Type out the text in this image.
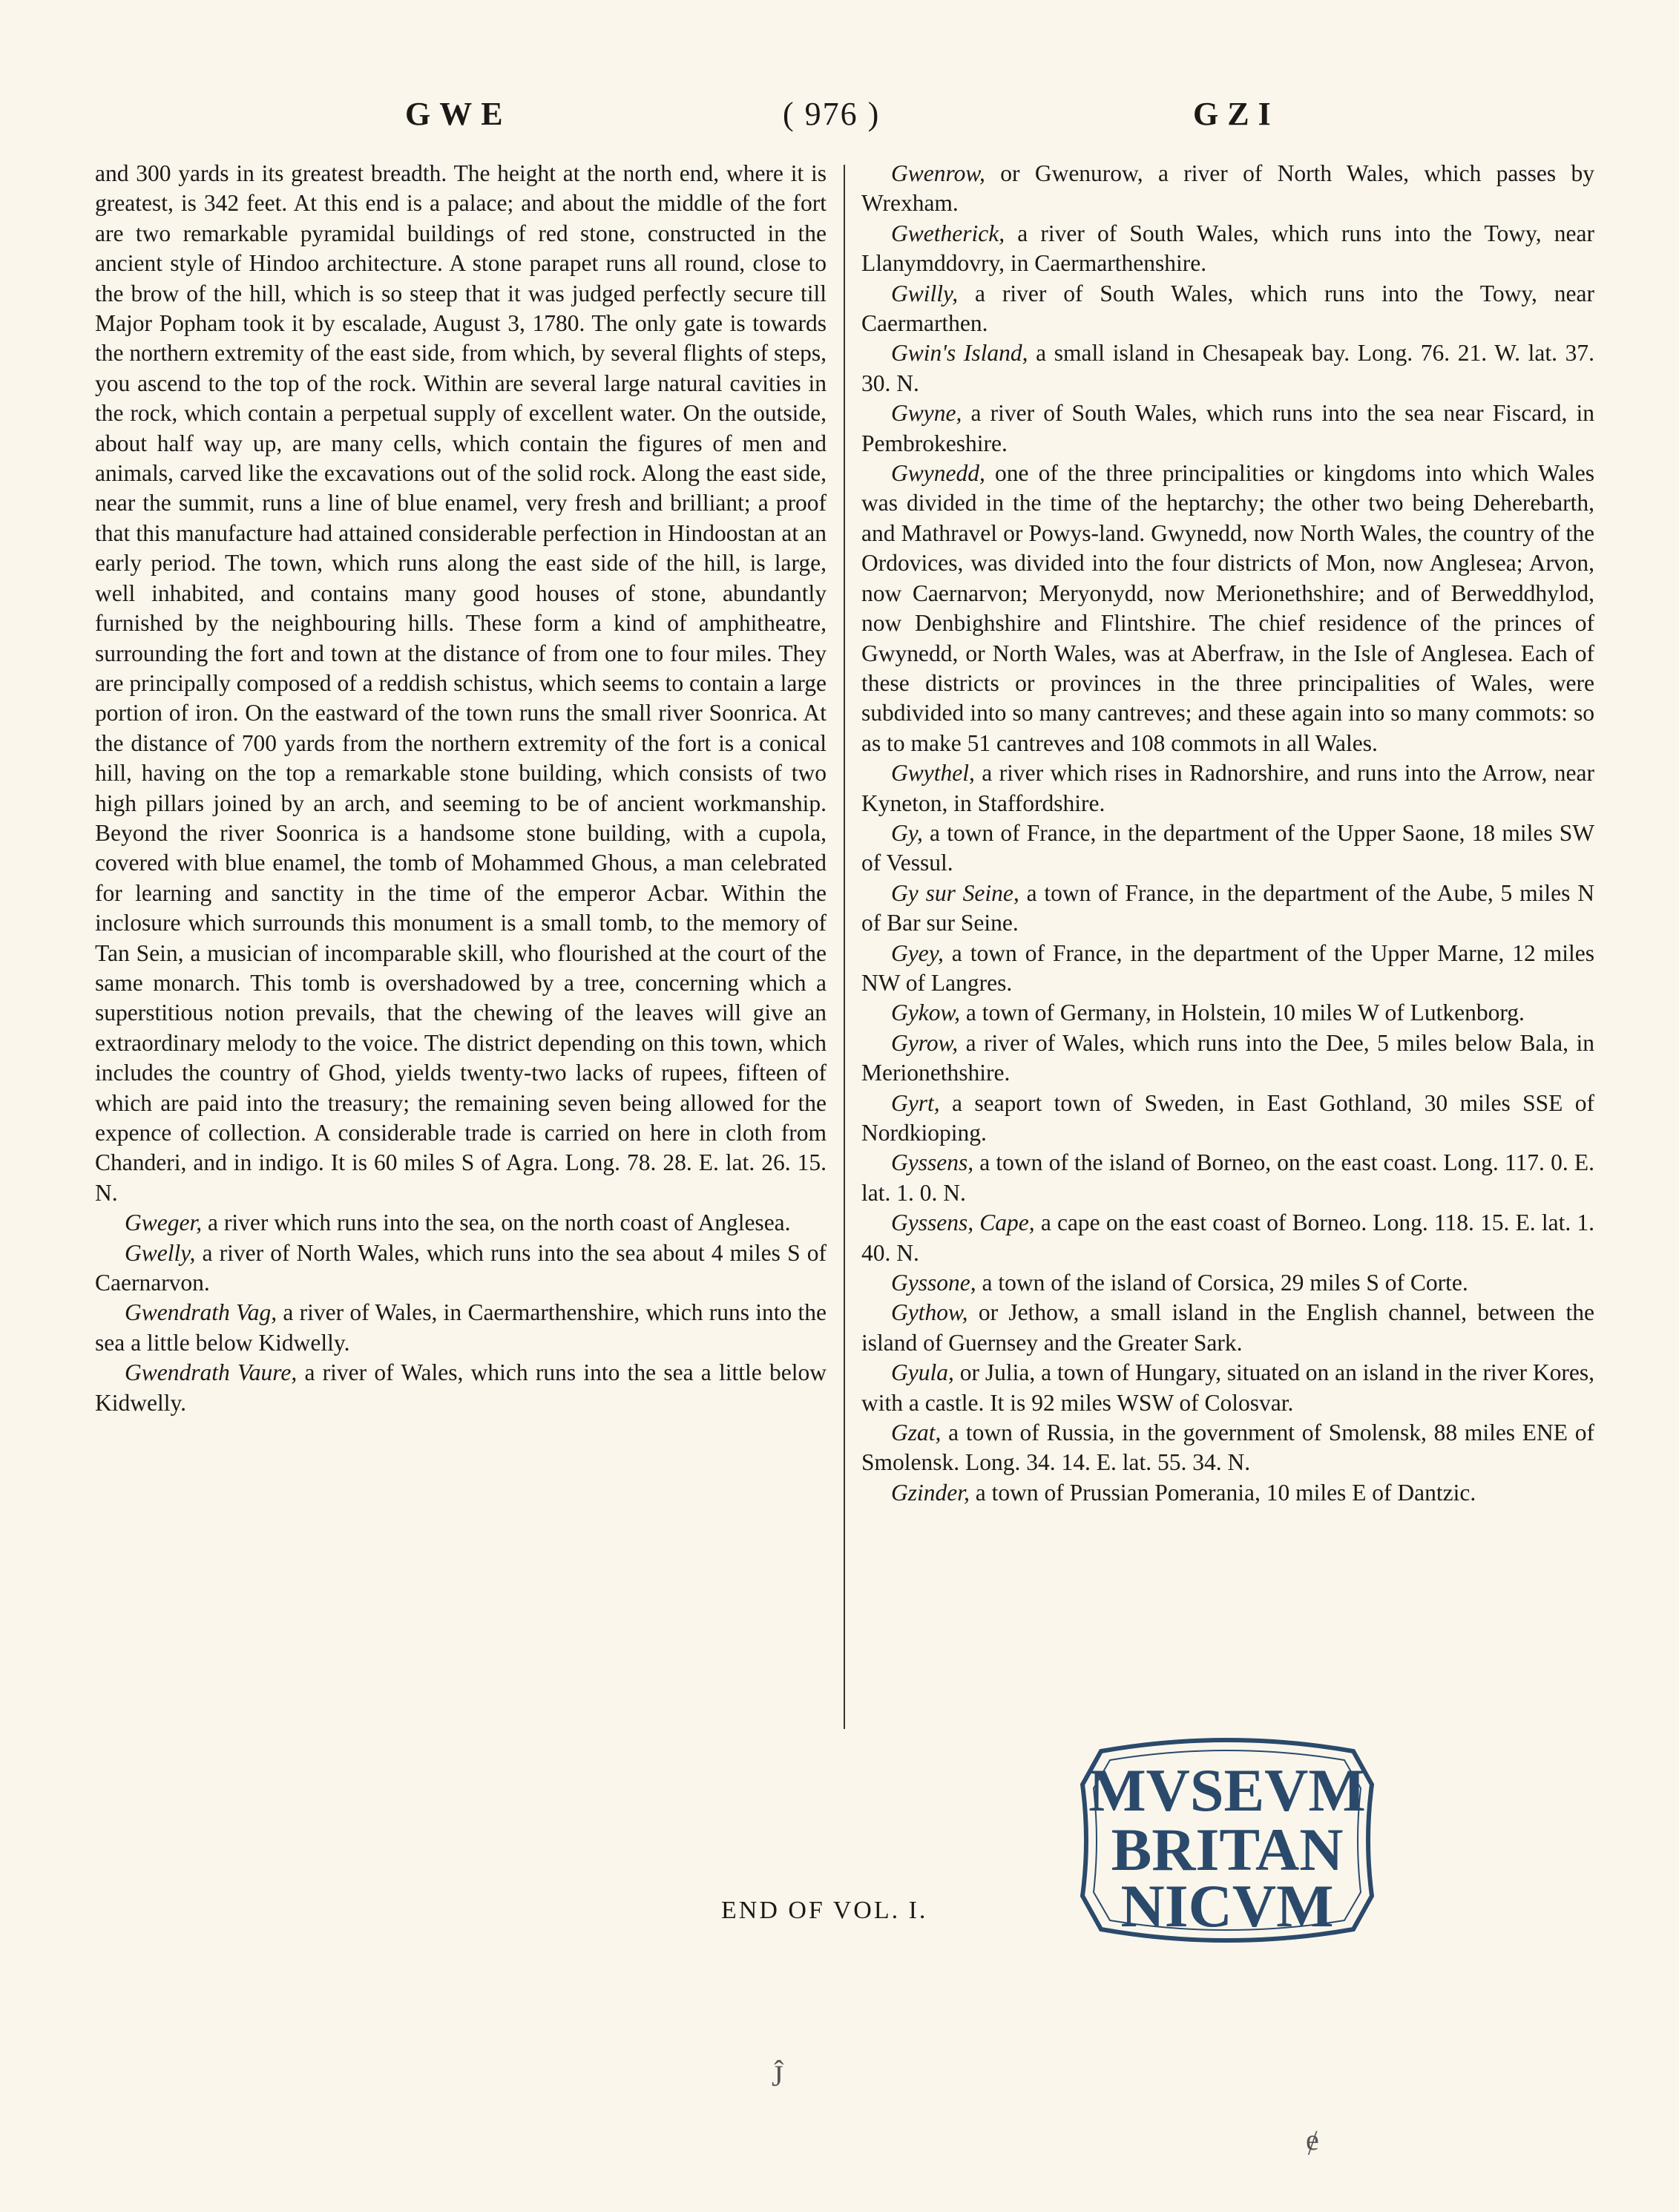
GWE	( 976 )	GZI

and 300 yards in its greatest breadth. The height at the north end, where it is greatest, is 342 feet. At this end is a palace; and about the middle of the fort are two remarkable pyramidal buildings of red stone, constructed in the ancient style of Hindoo architecture. A stone parapet runs all round, close to the brow of the hill, which is so steep that it was judged perfectly secure till Major Popham took it by escalade, August 3, 1780. The only gate is towards the northern extremity of the east side, from which, by several flights of steps, you ascend to the top of the rock. Within are several large natural cavities in the rock, which contain a perpetual supply of excellent water. On the outside, about half way up, are many cells, which contain the figures of men and animals, carved like the excavations out of the solid rock. Along the east side, near the summit, runs a line of blue enamel, very fresh and brilliant; a proof that this manufacture had attained considerable perfection in Hindoostan at an early period. The town, which runs along the east side of the hill, is large, well inhabited, and contains many good houses of stone, abundantly furnished by the neighbouring hills. These form a kind of amphitheatre, surrounding the fort and town at the distance of from one to four miles. They are principally composed of a reddish schistus, which seems to contain a large portion of iron. On the eastward of the town runs the small river Soonrica. At the distance of 700 yards from the northern extremity of the fort is a conical hill, having on the top a remarkable stone building, which consists of two high pillars joined by an arch, and seeming to be of ancient workmanship. Beyond the river Soonrica is a handsome stone building, with a cupola, covered with blue enamel, the tomb of Mohammed Ghous, a man celebrated for learning and sanctity in the time of the emperor Acbar. Within the inclosure which surrounds this monument is a small tomb, to the memory of Tan Sein, a musician of incomparable skill, who flourished at the court of the same monarch. This tomb is overshadowed by a tree, concerning which a superstitious notion prevails, that the chewing of the leaves will give an extraordinary melody to the voice. The district depending on this town, which includes the country of Ghod, yields twenty-two lacks of rupees, fifteen of which are paid into the treasury; the remaining seven being allowed for the expence of collection. A considerable trade is carried on here in cloth from Chanderi, and in indigo. It is 60 miles S of Agra. Long. 78. 28. E. lat. 26. 15. N.

Gweger, a river which runs into the sea, on the north coast of Anglesea.

Gwelly, a river of North Wales, which runs into the sea about 4 miles S of Caernarvon.

Gwendrath Vag, a river of Wales, in Caermarthenshire, which runs into the sea a little below Kidwelly.

Gwendrath Vaure, a river of Wales, which runs into the sea a little below Kidwelly.

Gwenrow, or Gwenurow, a river of North Wales, which passes by Wrexham.

Gwetherick, a river of South Wales, which runs into the Towy, near Llanymddovry, in Caermarthenshire.

Gwilly, a river of South Wales, which runs into the Towy, near Caermarthen.

Gwin's Island, a small island in Chesapeak bay. Long. 76. 21. W. lat. 37. 30. N.

Gwyne, a river of South Wales, which runs into the sea near Fiscard, in Pembrokeshire.

Gwynedd, one of the three principalities or kingdoms into which Wales was divided in the time of the heptarchy; the other two being Deherebarth, and Mathravel or Powys-land. Gwynedd, now North Wales, the country of the Ordovices, was divided into the four districts of Mon, now Anglesea; Arvon, now Caernarvon; Meryonydd, now Merionethshire; and of Berweddhylod, now Denbighshire and Flintshire. The chief residence of the princes of Gwynedd, or North Wales, was at Aberfraw, in the Isle of Anglesea. Each of these districts or provinces in the three principalities of Wales, were subdivided into so many cantreves; and these again into so many commots: so as to make 51 cantreves and 108 commots in all Wales.

Gwythel, a river which rises in Radnorshire, and runs into the Arrow, near Kyneton, in Staffordshire.

Gy, a town of France, in the department of the Upper Saone, 18 miles SW of Vessul.

Gy sur Seine, a town of France, in the department of the Aube, 5 miles N of Bar sur Seine.

Gyey, a town of France, in the department of the Upper Marne, 12 miles NW of Langres.

Gykow, a town of Germany, in Holstein, 10 miles W of Lutkenborg.

Gyrow, a river of Wales, which runs into the Dee, 5 miles below Bala, in Merionethshire.

Gyrt, a seaport town of Sweden, in East Gothland, 30 miles SSE of Nordkioping.

Gyssens, a town of the island of Borneo, on the east coast. Long. 117. 0. E. lat. 1. 0. N.

Gyssens, Cape, a cape on the east coast of Borneo. Long. 118. 15. E. lat. 1. 40. N.

Gyssone, a town of the island of Corsica, 29 miles S of Corte.

Gythow, or Jethow, a small island in the English channel, between the island of Guernsey and the Greater Sark.

Gyula, or Julia, a town of Hungary, situated on an island in the river Kores, with a castle. It is 92 miles WSW of Colosvar.

Gzat, a town of Russia, in the government of Smolensk, 88 miles ENE of Smolensk. Long. 34. 14. E. lat. 55. 34. N.

Gzinder, a town of Prussian Pomerania, 10 miles E of Dantzic.

END OF VOL. I.
MVSEVM
BRITAN
NICVM
Ĵ
ɇ
